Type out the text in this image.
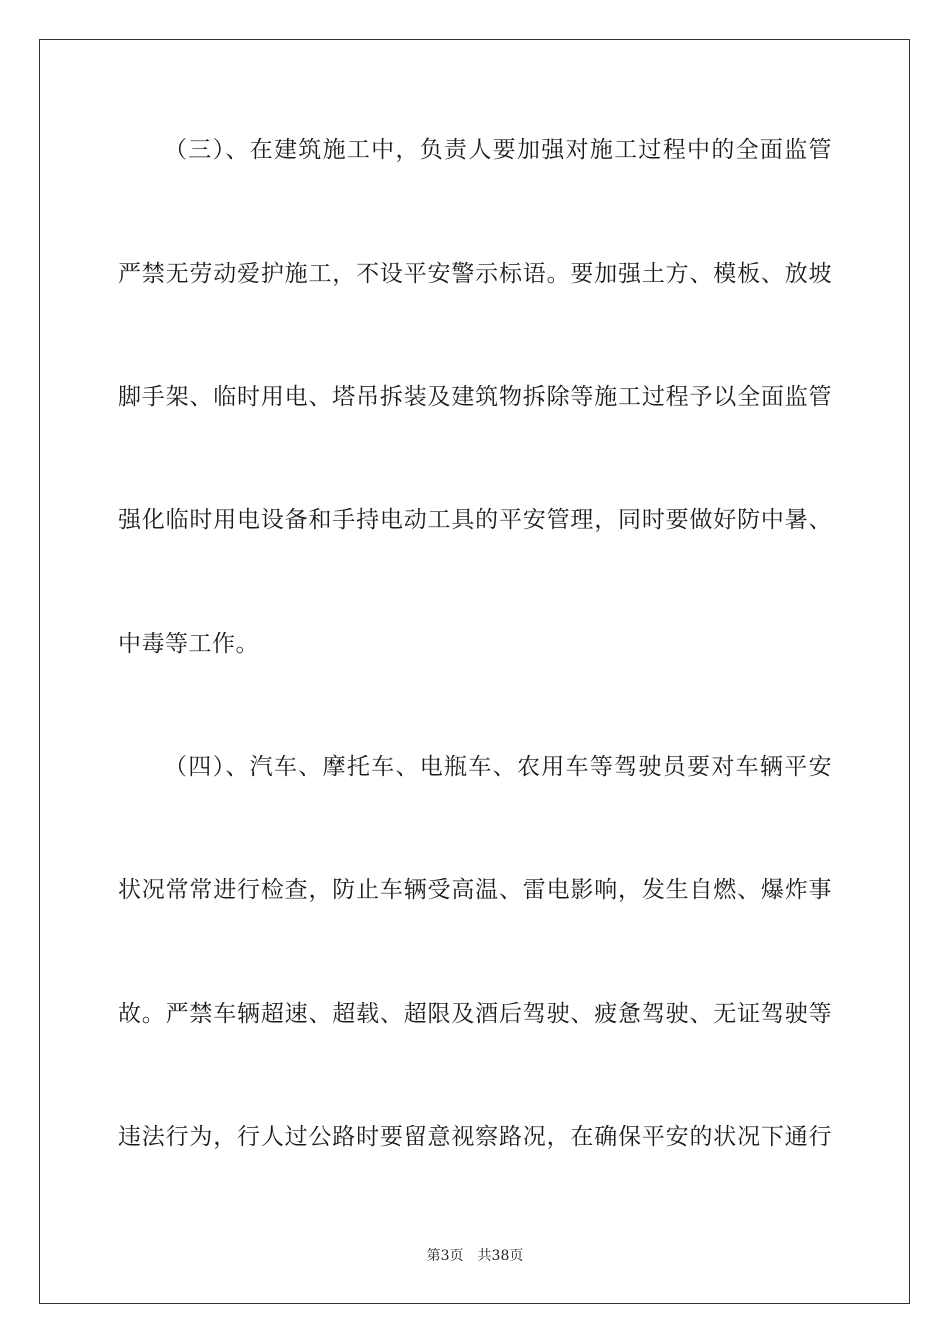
（三）、在建筑施工中，负责人要加强对施工过程中的全面监管
严禁无劳动爱护施工，不设平安警示标语。要加强土方、模板、放坡
脚手架、临时用电、塔吊拆装及建筑物拆除等施工过程予以全面监管
强化临时用电设备和手持电动工具的平安管理，同时要做好防中暑、
中毒等工作。
（四）、汽车、摩托车、电瓶车、农用车等驾驶员要对车辆平安
状况常常进行检查，防止车辆受高温、雷电影响，发生自燃、爆炸事
故。严禁车辆超速、超载、超限及酒后驾驶、疲惫驾驶、无证驾驶等
违法行为，行人过公路时要留意视察路况，在确保平安的状况下通行
第3页 共38页
